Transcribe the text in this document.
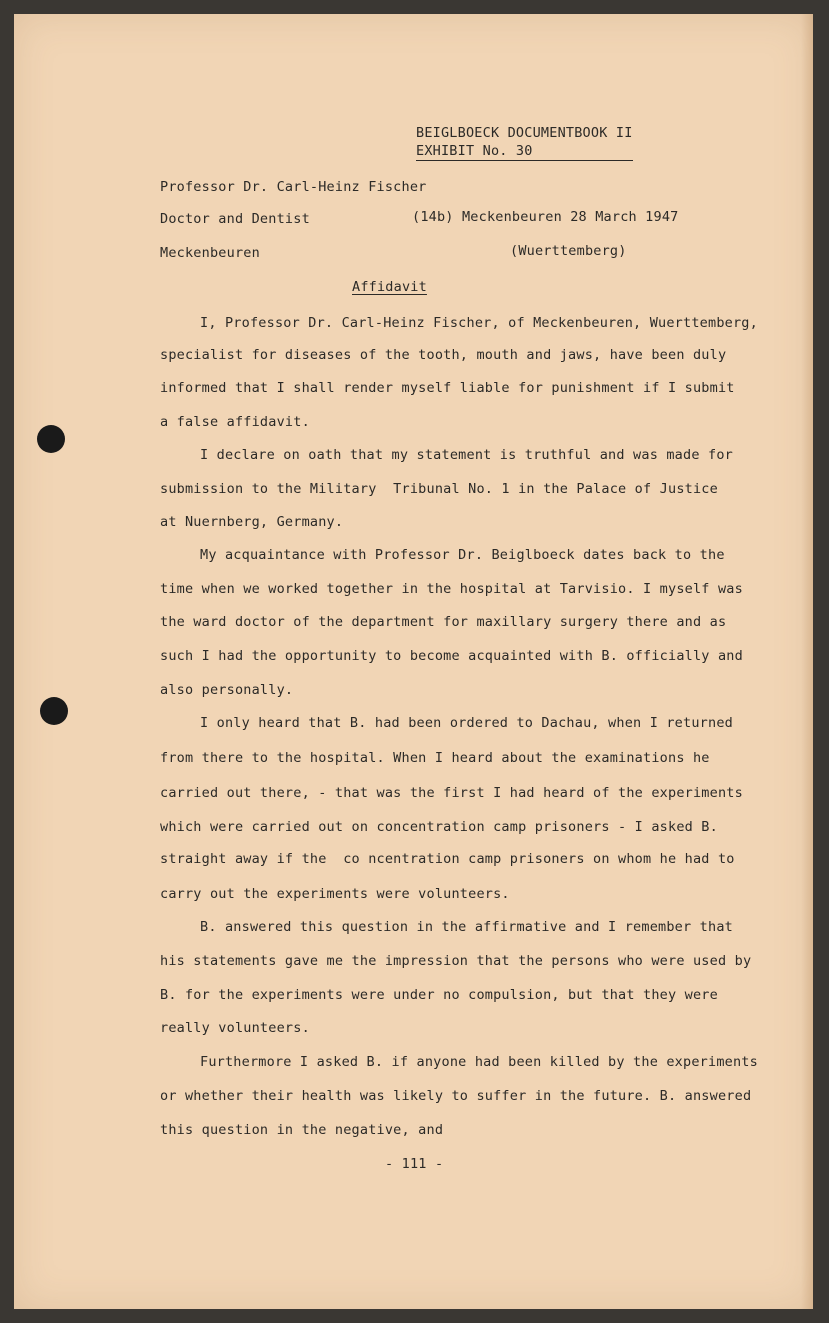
BEIGLBOECK DOCUMENTBOOK II

EXHIBIT No. 30

Professor Dr. Carl-Heinz Fischer

Doctor and Dentist

Meckenbeuren

(14b) Meckenbeuren 28 March 1947

(Wuerttemberg)

Affidavit

I, Professor Dr. Carl-Heinz Fischer, of Meckenbeuren, Wuerttemberg,

specialist for diseases of the tooth, mouth and jaws, have been duly

informed that I shall render myself liable for punishment if I submit

a false affidavit.

I declare on oath that my statement is truthful and was made for

submission to the Military  Tribunal No. 1 in the Palace of Justice

at Nuernberg, Germany.

My acquaintance with Professor Dr. Beiglboeck dates back to the

time when we worked together in the hospital at Tarvisio. I myself was

the ward doctor of the department for maxillary surgery there and as

such I had the opportunity to become acquainted with B. officially and

also personally.

I only heard that B. had been ordered to Dachau, when I returned

from there to the hospital. When I heard about the examinations he

carried out there, - that was the first I had heard of the experiments

which were carried out on concentration camp prisoners - I asked B.

straight away if the  co ncentration camp prisoners on whom he had to

carry out the experiments were volunteers.

B. answered this question in the affirmative and I remember that

his statements gave me the impression that the persons who were used by

B. for the experiments were under no compulsion, but that they were

really volunteers.

Furthermore I asked B. if anyone had been killed by the experiments

or whether their health was likely to suffer in the future. B. answered

this question in the negative, and

- 111 -
